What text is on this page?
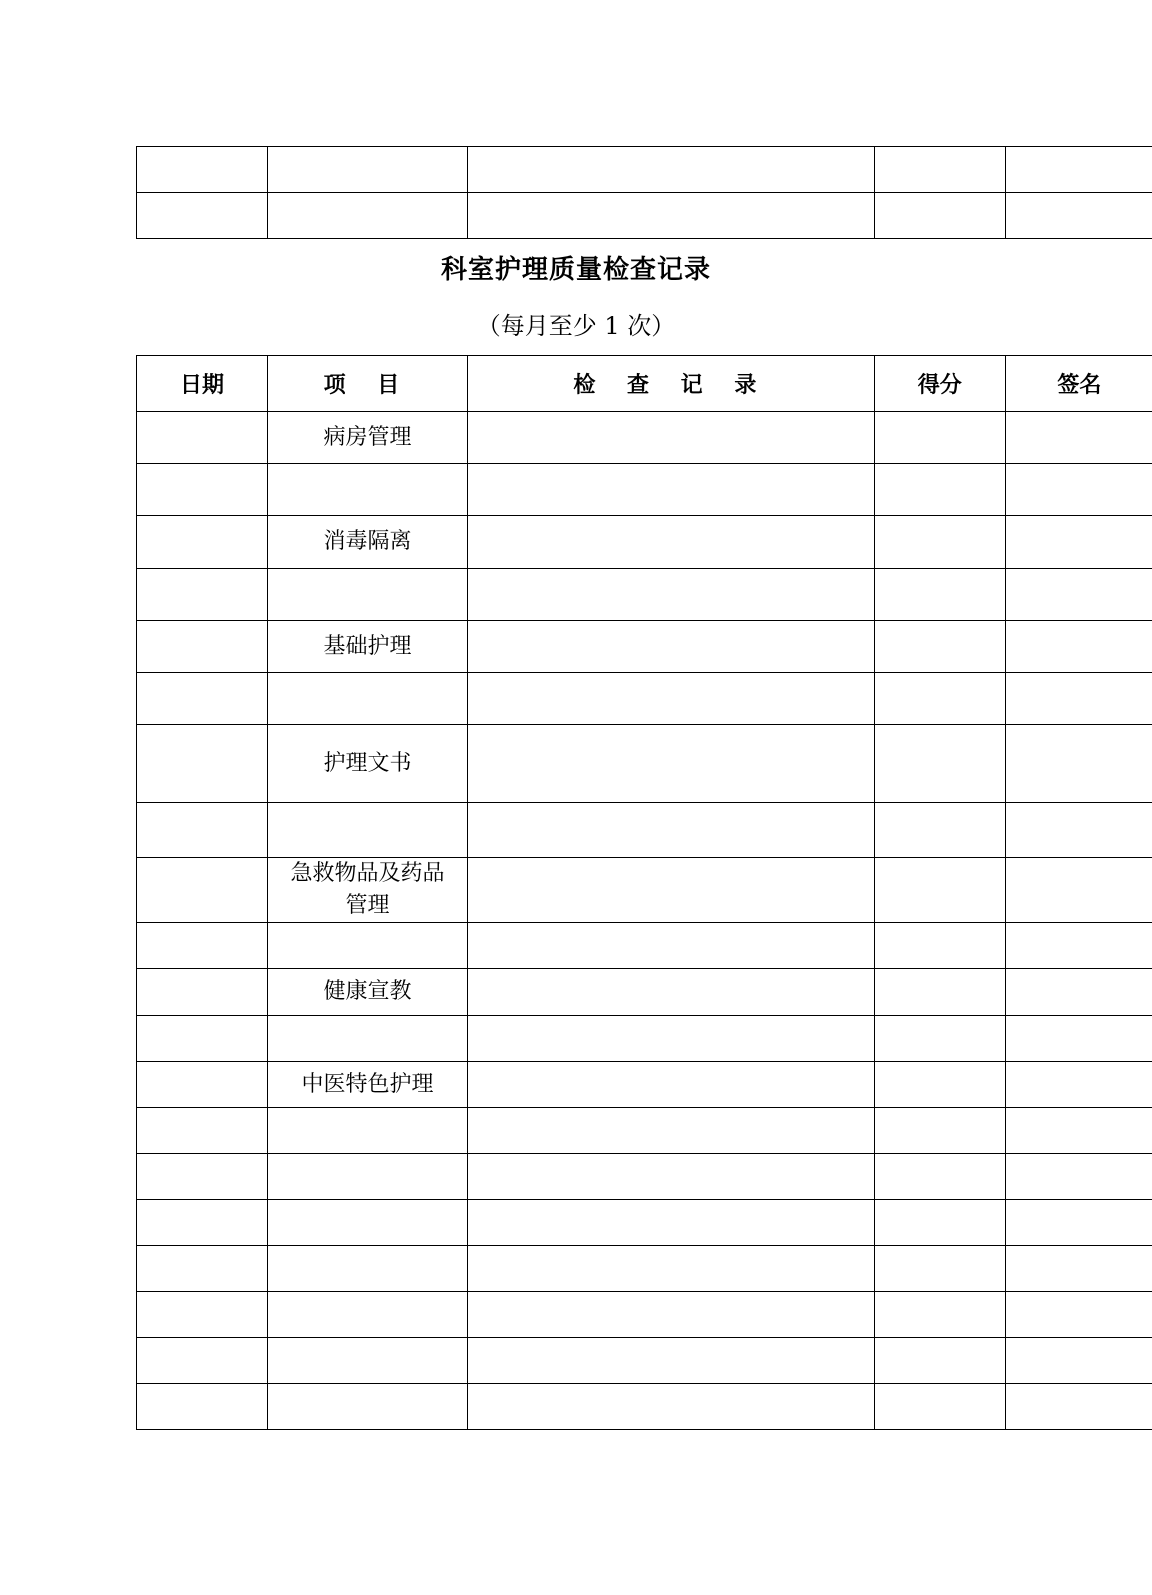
科室护理质量检查记录
（每月至少 1 次）
日期	项 目	检 查 记 录	得分	签名
	病房管理			

	消毒隔离			

	基础护理			

	护理文书			

	急救物品及药品管理			

	健康宣教			

	中医特色护理			
